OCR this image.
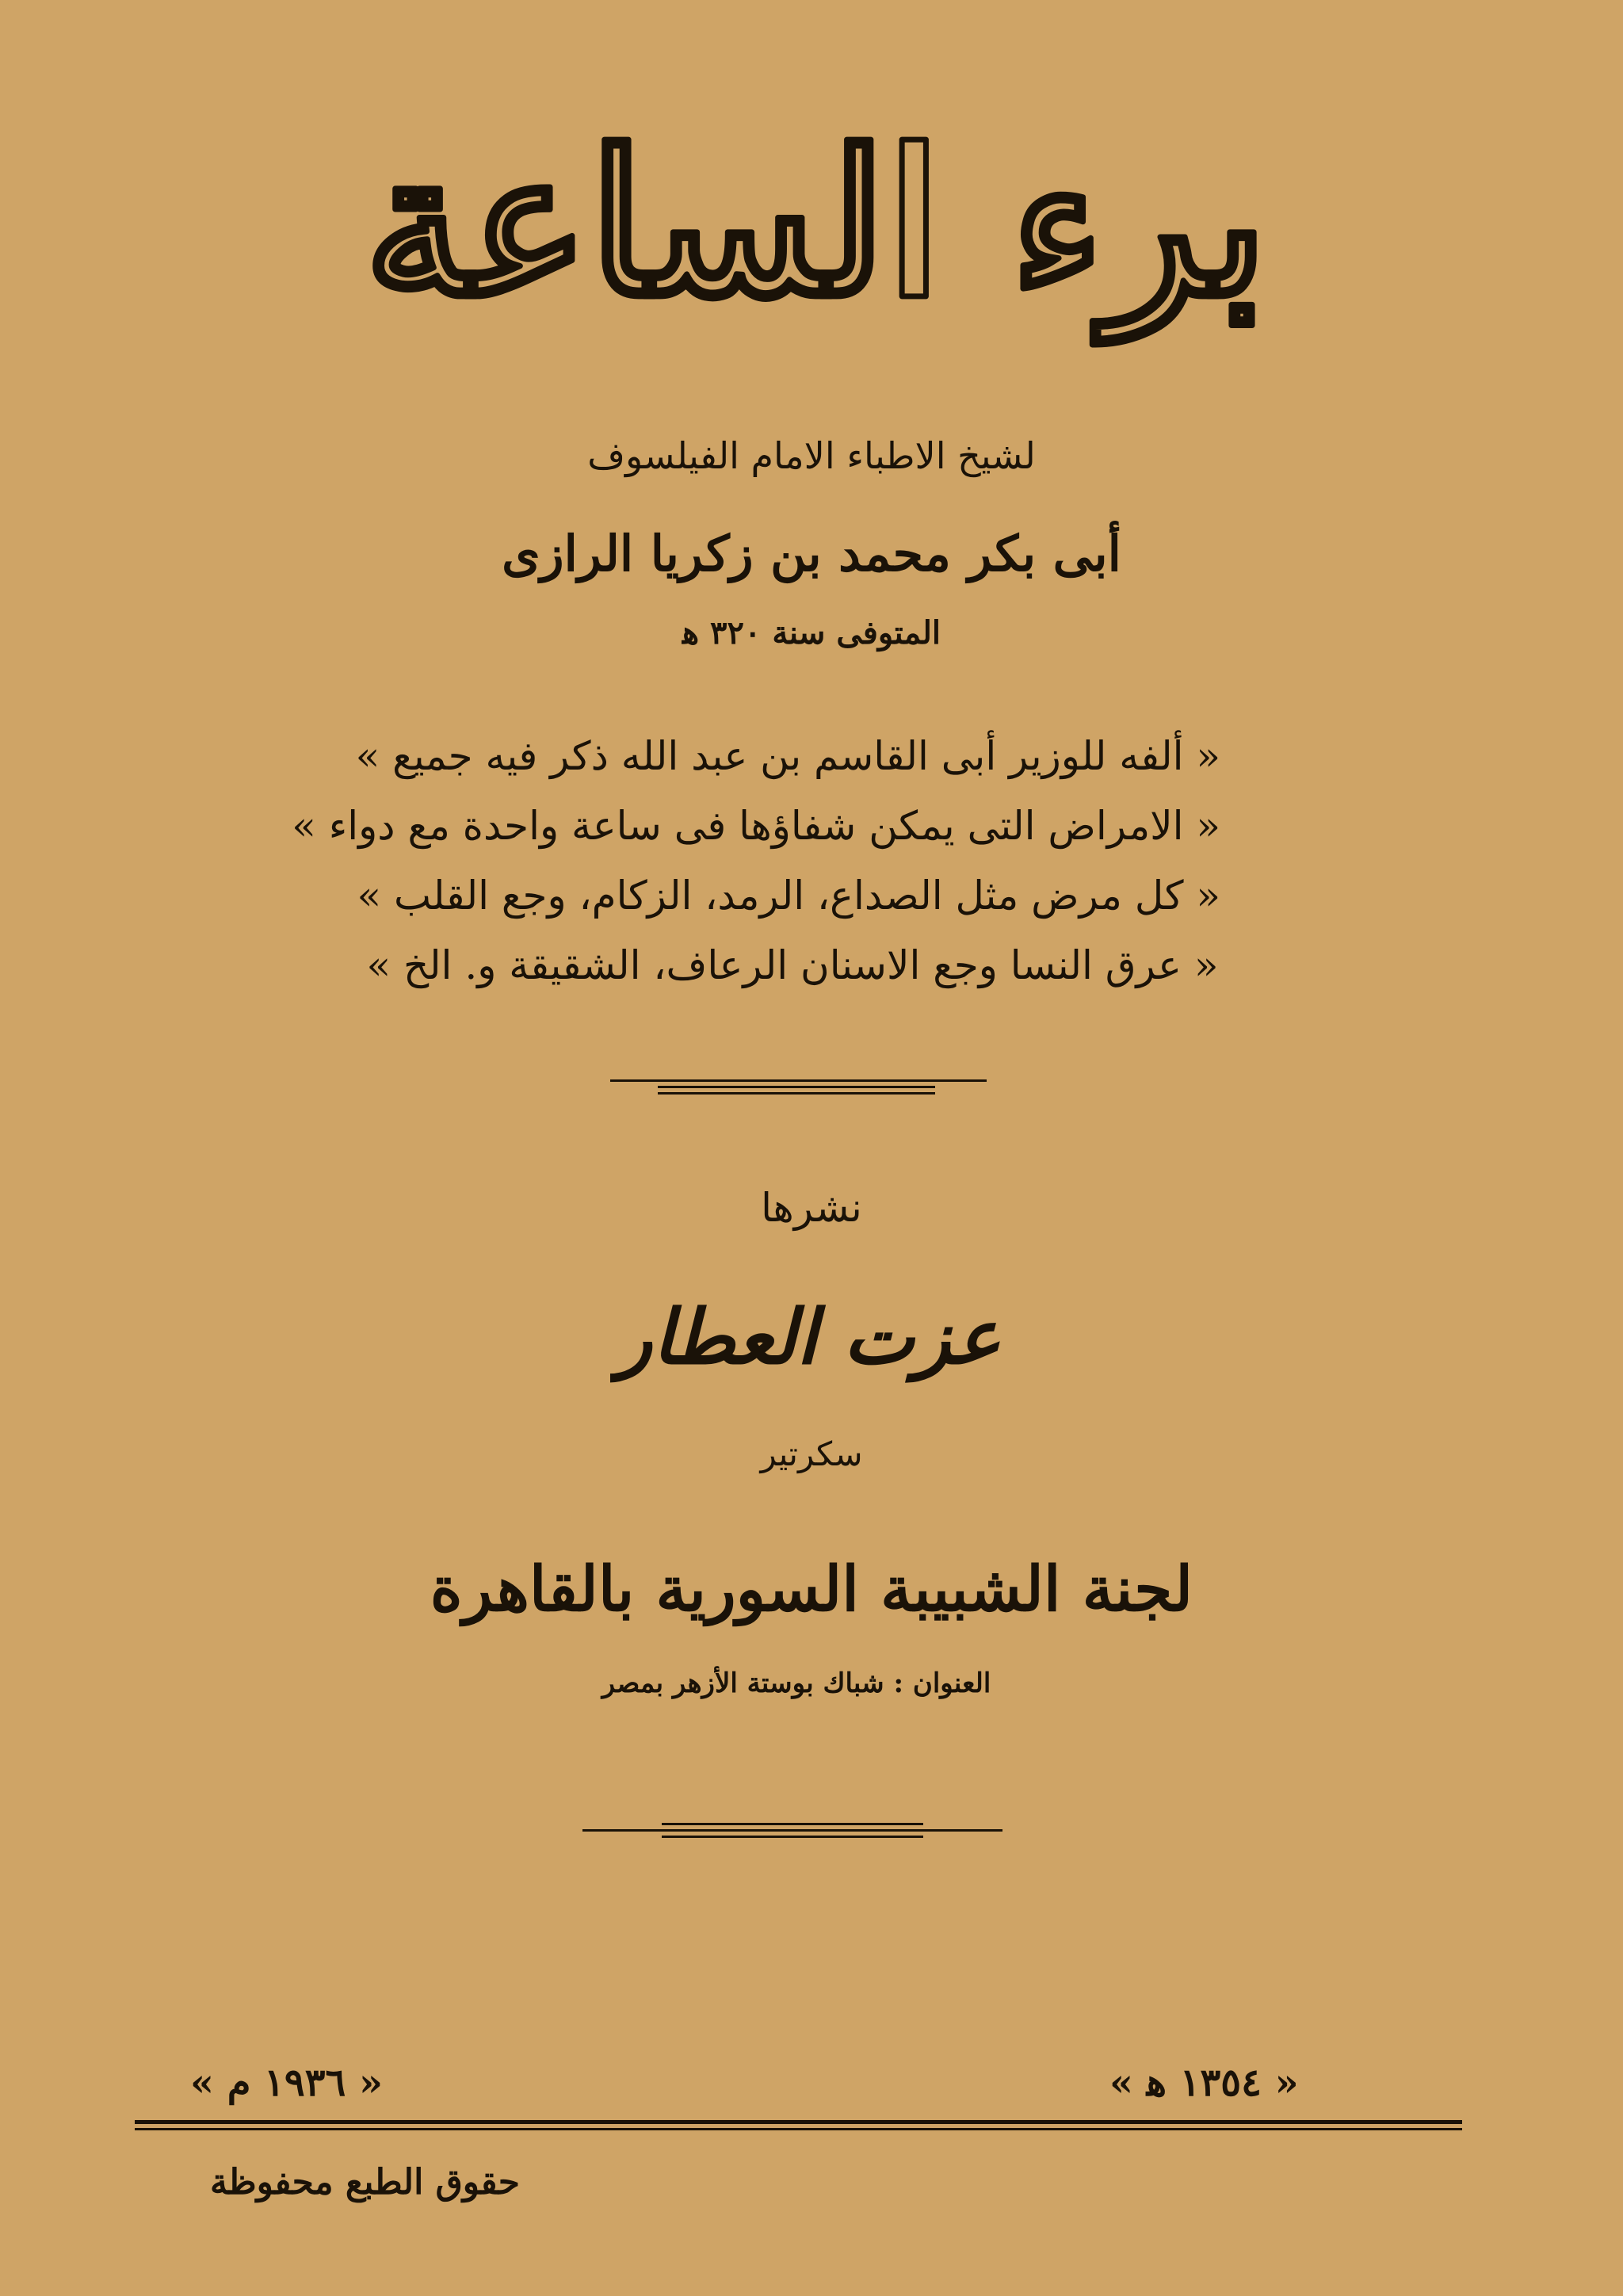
برء الساعة
لشيخ الاطباء الامام الفيلسوف
أبى بكر محمد بن زكريا الرازى
المتوفى سنة ٣٢٠ ﻫ
« ألفه للوزير أبى القاسم بن عبد الله ذكر فيه جميع »
« الامراض التى يمكن شفاؤها فى ساعة واحدة مع دواء »
« كل مرض مثل الصداع، الرمد، الزكام، وجع القلب »
« عرق النسا وجع الاسنان الرعاف، الشقيقة و. الخ »
نشرها
عزت العطار
سكرتير
لجنة الشبيبة السورية بالقاهرة
العنوان : شباك بوستة الأزهر بمصر
« ١٩٣٦ م »	« ١٣٥٤ ﻫ »
حقوق الطبع محفوظة
